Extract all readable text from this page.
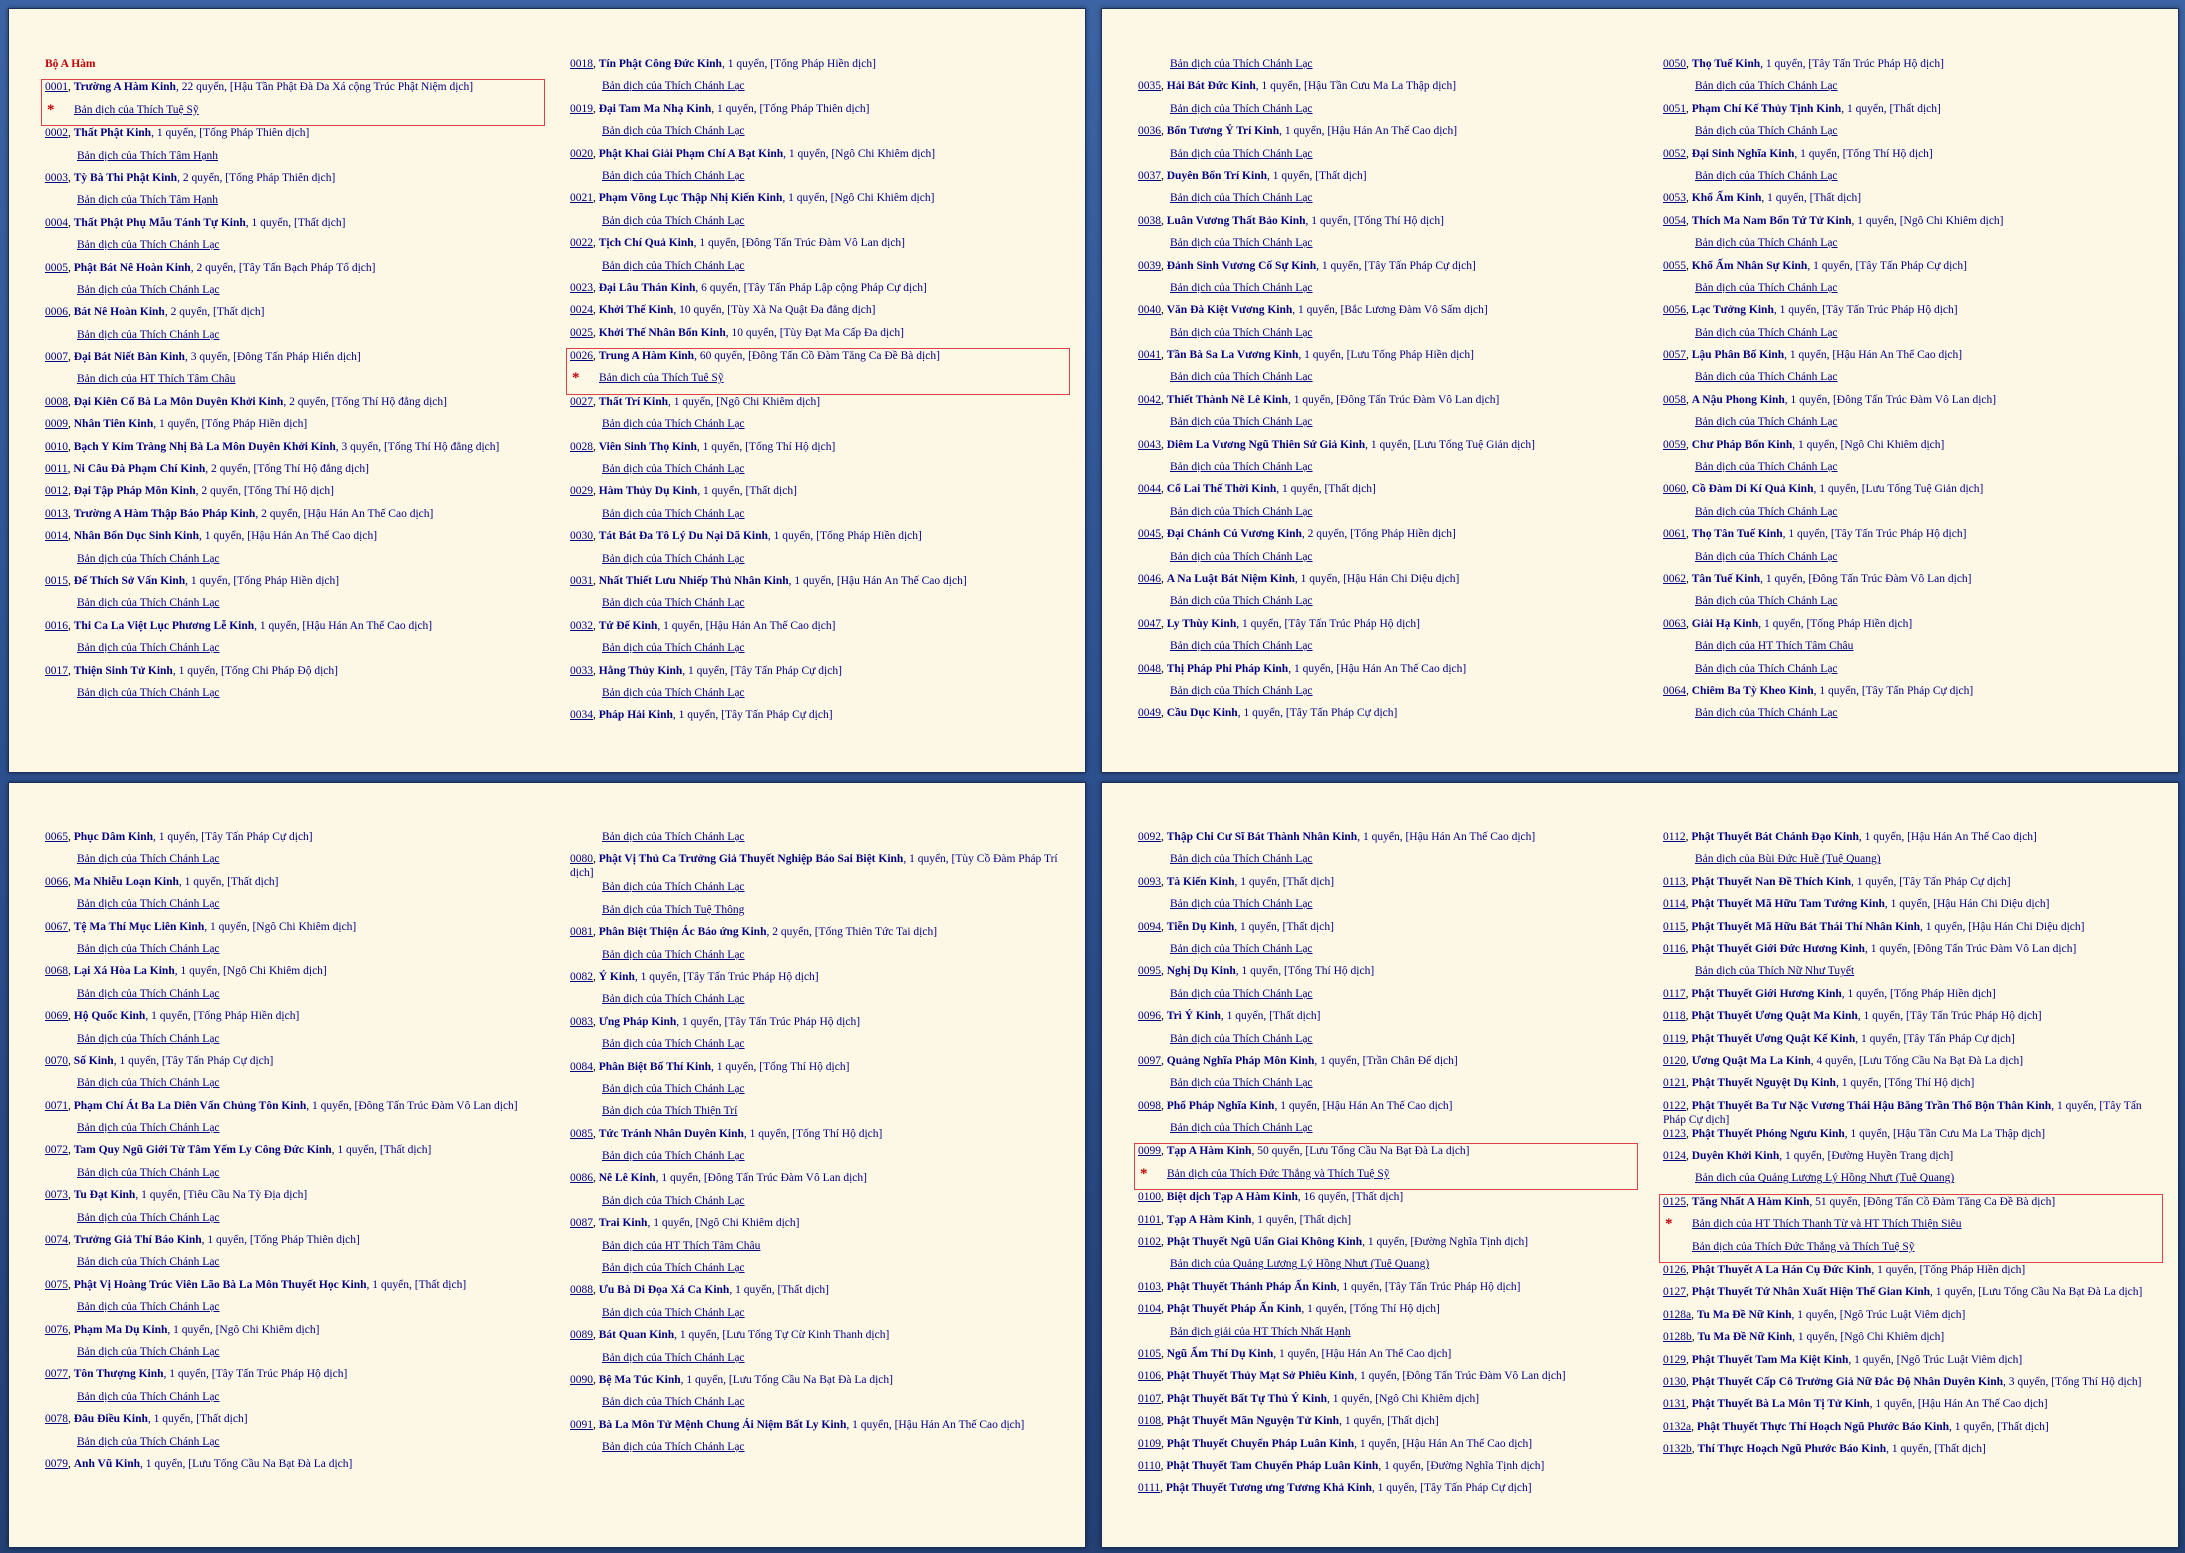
Bộ A Hàm
0001, Trường A Hàm Kinh, 22 quyển, [Hậu Tần Phật Đà Da Xá cộng Trúc Phật Niệm dịch]
* Bản dịch của Thích Tuệ Sỹ
0002, Thất Phật Kinh, 1 quyển, [Tống Pháp Thiên dịch]
Bản dịch của Thích Tâm Hạnh
0003, Tỳ Bà Thi Phật Kinh, 2 quyển, [Tống Pháp Thiên dịch]
Bản dịch của Thích Tâm Hạnh
0004, Thất Phật Phụ Mẫu Tánh Tự Kinh, 1 quyển, [Thất dịch]
Bản dịch của Thích Chánh Lạc
0005, Phật Bát Nê Hoàn Kinh, 2 quyển, [Tây Tấn Bạch Pháp Tổ dịch]
Bản dịch của Thích Chánh Lạc
0006, Bát Nê Hoàn Kinh, 2 quyển, [Thất dịch]
Bản dịch của Thích Chánh Lạc
0007, Đại Bát Niết Bàn Kinh, 3 quyển, [Đông Tấn Pháp Hiển dịch]
Bản dịch của HT Thích Tâm Châu
0008, Đại Kiên Cố Bà La Môn Duyên Khởi Kinh, 2 quyển, [Tống Thí Hộ đẳng dịch]
0009, Nhân Tiên Kinh, 1 quyển, [Tống Pháp Hiền dịch]
0010, Bạch Y Kim Tràng Nhị Bà La Môn Duyên Khởi Kinh, 3 quyển, [Tống Thí Hộ đẳng dịch]
0011, Ni Câu Đà Phạm Chí Kinh, 2 quyển, [Tống Thí Hộ đẳng dịch]
0012, Đại Tập Pháp Môn Kinh, 2 quyển, [Tống Thí Hộ dịch]
0013, Trường A Hàm Thập Báo Pháp Kinh, 2 quyển, [Hậu Hán An Thế Cao dịch]
0014, Nhân Bổn Dục Sinh Kinh, 1 quyển, [Hậu Hán An Thế Cao dịch]
Bản dịch của Thích Chánh Lạc
0015, Đế Thích Sở Vấn Kinh, 1 quyển, [Tống Pháp Hiền dịch]
Bản dịch của Thích Chánh Lạc
0016, Thi Ca La Việt Lục Phương Lễ Kinh, 1 quyển, [Hậu Hán An Thế Cao dịch]
Bản dịch của Thích Chánh Lạc
0017, Thiện Sinh Tử Kinh, 1 quyển, [Tống Chi Pháp Độ dịch]
Bản dịch của Thích Chánh Lạc
0018, Tín Phật Công Đức Kinh, 1 quyển, [Tống Pháp Hiền dịch]
Bản dịch của Thích Chánh Lạc
0019, Đại Tam Ma Nhạ Kinh, 1 quyển, [Tống Pháp Thiên dịch]
Bản dịch của Thích Chánh Lạc
0020, Phật Khai Giải Phạm Chí A Bạt Kinh, 1 quyển, [Ngô Chi Khiêm dịch]
Bản dịch của Thích Chánh Lạc
0021, Phạm Võng Lục Thập Nhị Kiến Kinh, 1 quyển, [Ngô Chi Khiêm dịch]
Bản dịch của Thích Chánh Lạc
0022, Tịch Chí Quả Kinh, 1 quyển, [Đông Tấn Trúc Đàm Vô Lan dịch]
Bản dịch của Thích Chánh Lạc
0023, Đại Lâu Thán Kinh, 6 quyển, [Tây Tấn Pháp Lập cộng Pháp Cự dịch]
0024, Khởi Thế Kinh, 10 quyển, [Tùy Xà Na Quật Đa đẳng dịch]
0025, Khởi Thế Nhân Bổn Kinh, 10 quyển, [Tùy Đạt Ma Cấp Đa dịch]
0026, Trung A Hàm Kinh, 60 quyển, [Đông Tấn Cồ Đàm Tăng Ca Đề Bà dịch]
* Bản dịch của Thích Tuệ Sỹ
0027, Thất Trí Kinh, 1 quyển, [Ngô Chi Khiêm dịch]
Bản dịch của Thích Chánh Lạc
0028, Viên Sinh Thọ Kinh, 1 quyển, [Tống Thí Hộ dịch]
Bản dịch của Thích Chánh Lạc
0029, Hàm Thủy Dụ Kinh, 1 quyển, [Thất dịch]
Bản dịch của Thích Chánh Lạc
0030, Tát Bát Đa Tô Lý Du Nại Dã Kinh, 1 quyển, [Tống Pháp Hiền dịch]
Bản dịch của Thích Chánh Lạc
0031, Nhất Thiết Lưu Nhiếp Thủ Nhân Kinh, 1 quyển, [Hậu Hán An Thế Cao dịch]
Bản dịch của Thích Chánh Lạc
0032, Tứ Đế Kinh, 1 quyển, [Hậu Hán An Thế Cao dịch]
Bản dịch của Thích Chánh Lạc
0033, Hằng Thủy Kinh, 1 quyển, [Tây Tấn Pháp Cự dịch]
Bản dịch của Thích Chánh Lạc
0034, Pháp Hải Kinh, 1 quyển, [Tây Tấn Pháp Cự dịch]
Bản dịch của Thích Chánh Lạc
0035, Hải Bát Đức Kinh, 1 quyển, [Hậu Tần Cưu Ma La Thập dịch]
Bản dịch của Thích Chánh Lạc
0036, Bổn Tương Ỷ Trí Kinh, 1 quyển, [Hậu Hán An Thế Cao dịch]
Bản dịch của Thích Chánh Lạc
0037, Duyên Bổn Trí Kinh, 1 quyển, [Thất dịch]
Bản dịch của Thích Chánh Lạc
0038, Luân Vương Thất Bảo Kinh, 1 quyển, [Tống Thí Hộ dịch]
Bản dịch của Thích Chánh Lạc
0039, Đảnh Sinh Vương Cố Sự Kinh, 1 quyển, [Tây Tấn Pháp Cự dịch]
Bản dịch của Thích Chánh Lạc
0040, Văn Đà Kiệt Vương Kinh, 1 quyển, [Bắc Lương Đàm Vô Sấm dịch]
Bản dịch của Thích Chánh Lạc
0041, Tần Bà Sa La Vương Kinh, 1 quyển, [Lưu Tống Pháp Hiền dịch]
Bản dịch của Thích Chánh Lạc
0042, Thiết Thành Nê Lê Kinh, 1 quyển, [Đông Tấn Trúc Đàm Vô Lan dịch]
Bản dịch của Thích Chánh Lạc
0043, Diêm La Vương Ngũ Thiên Sứ Giả Kinh, 1 quyển, [Lưu Tống Tuệ Giản dịch]
Bản dịch của Thích Chánh Lạc
0044, Cổ Lai Thế Thời Kinh, 1 quyển, [Thất dịch]
Bản dịch của Thích Chánh Lạc
0045, Đại Chánh Cú Vương Kinh, 2 quyển, [Tống Pháp Hiền dịch]
Bản dịch của Thích Chánh Lạc
0046, A Na Luật Bát Niệm Kinh, 1 quyển, [Hậu Hán Chi Diệu dịch]
Bản dịch của Thích Chánh Lạc
0047, Ly Thùy Kinh, 1 quyển, [Tây Tấn Trúc Pháp Hộ dịch]
Bản dịch của Thích Chánh Lạc
0048, Thị Pháp Phi Pháp Kinh, 1 quyển, [Hậu Hán An Thế Cao dịch]
Bản dịch của Thích Chánh Lạc
0049, Cầu Dục Kinh, 1 quyển, [Tây Tấn Pháp Cự dịch]
0050, Thọ Tuế Kinh, 1 quyển, [Tây Tấn Trúc Pháp Hộ dịch]
Bản dịch của Thích Chánh Lạc
0051, Phạm Chí Kế Thủy Tịnh Kinh, 1 quyển, [Thất dịch]
Bản dịch của Thích Chánh Lạc
0052, Đại Sinh Nghĩa Kinh, 1 quyển, [Tống Thí Hộ dịch]
Bản dịch của Thích Chánh Lạc
0053, Khổ Ấm Kinh, 1 quyển, [Thất dịch]
0054, Thích Ma Nam Bổn Tứ Tử Kinh, 1 quyển, [Ngô Chi Khiêm dịch]
Bản dịch của Thích Chánh Lạc
0055, Khổ Ấm Nhân Sự Kinh, 1 quyển, [Tây Tấn Pháp Cự dịch]
Bản dịch của Thích Chánh Lạc
0056, Lạc Tưởng Kinh, 1 quyển, [Tây Tấn Trúc Pháp Hộ dịch]
Bản dịch của Thích Chánh Lạc
0057, Lậu Phân Bố Kinh, 1 quyển, [Hậu Hán An Thế Cao dịch]
Bản dịch của Thích Chánh Lạc
0058, A Nậu Phong Kinh, 1 quyển, [Đông Tấn Trúc Đàm Vô Lan dịch]
Bản dịch của Thích Chánh Lạc
0059, Chư Pháp Bổn Kinh, 1 quyển, [Ngô Chi Khiêm dịch]
Bản dịch của Thích Chánh Lạc
0060, Cồ Đàm Di Kí Quả Kinh, 1 quyển, [Lưu Tống Tuệ Giản dịch]
Bản dịch của Thích Chánh Lạc
0061, Thọ Tân Tuế Kinh, 1 quyển, [Tây Tấn Trúc Pháp Hộ dịch]
Bản dịch của Thích Chánh Lạc
0062, Tân Tuế Kinh, 1 quyển, [Đông Tấn Trúc Đàm Vô Lan dịch]
Bản dịch của Thích Chánh Lạc
0063, Giải Hạ Kinh, 1 quyển, [Tống Pháp Hiền dịch]
Bản dịch của HT Thích Tâm Châu
Bản dịch của Thích Chánh Lạc
0064, Chiêm Ba Tỳ Kheo Kinh, 1 quyển, [Tây Tấn Pháp Cự dịch]
Bản dịch của Thích Chánh Lạc
0065, Phục Dâm Kinh, 1 quyển, [Tây Tấn Pháp Cự dịch]
Bản dịch của Thích Chánh Lạc
0066, Ma Nhiễu Loạn Kinh, 1 quyển, [Thất dịch]
Bản dịch của Thích Chánh Lạc
0067, Tệ Ma Thí Mục Liên Kinh, 1 quyển, [Ngô Chi Khiêm dịch]
Bản dịch của Thích Chánh Lạc
0068, Lại Xá Hòa La Kinh, 1 quyển, [Ngô Chi Khiêm dịch]
Bản dịch của Thích Chánh Lạc
0069, Hộ Quốc Kinh, 1 quyển, [Tống Pháp Hiền dịch]
Bản dịch của Thích Chánh Lạc
0070, Số Kinh, 1 quyển, [Tây Tấn Pháp Cự dịch]
Bản dịch của Thích Chánh Lạc
0071, Phạm Chí Át Ba La Diên Vấn Chủng Tôn Kinh, 1 quyển, [Đông Tấn Trúc Đàm Vô Lan dịch]
Bản dịch của Thích Chánh Lạc
0072, Tam Quy Ngũ Giới Từ Tâm Yếm Ly Công Đức Kinh, 1 quyển, [Thất dịch]
Bản dịch của Thích Chánh Lạc
0073, Tu Đạt Kinh, 1 quyển, [Tiêu Cầu Na Tỳ Địa dịch]
Bản dịch của Thích Chánh Lạc
0074, Trưởng Giả Thí Báo Kinh, 1 quyển, [Tống Pháp Thiên dịch]
Bản dịch của Thích Chánh Lạc
0075, Phật Vị Hoàng Trúc Viên Lão Bà La Môn Thuyết Học Kinh, 1 quyển, [Thất dịch]
Bản dịch của Thích Chánh Lạc
0076, Phạm Ma Dụ Kinh, 1 quyển, [Ngô Chi Khiêm dịch]
Bản dịch của Thích Chánh Lạc
0077, Tôn Thượng Kinh, 1 quyển, [Tây Tấn Trúc Pháp Hộ dịch]
Bản dịch của Thích Chánh Lạc
0078, Đâu Điều Kinh, 1 quyển, [Thất dịch]
Bản dịch của Thích Chánh Lạc
0079, Anh Vũ Kinh, 1 quyển, [Lưu Tống Cầu Na Bạt Đà La dịch]
Bản dịch của Thích Chánh Lạc
0080, Phật Vị Thủ Ca Trưởng Giả Thuyết Nghiệp Báo Sai Biệt Kinh, 1 quyển, [Tùy Cồ Đàm Pháp Trí dịch]
Bản dịch của Thích Chánh Lạc
Bản dịch của Thích Tuệ Thông
0081, Phân Biệt Thiện Ác Báo ứng Kinh, 2 quyển, [Tống Thiên Tức Tai dịch]
Bản dịch của Thích Chánh Lạc
0082, Ý Kinh, 1 quyển, [Tây Tấn Trúc Pháp Hộ dịch]
Bản dịch của Thích Chánh Lạc
0083, Ưng Pháp Kinh, 1 quyển, [Tây Tấn Trúc Pháp Hộ dịch]
Bản dịch của Thích Chánh Lạc
0084, Phân Biệt Bố Thí Kinh, 1 quyển, [Tống Thí Hộ dịch]
Bản dịch của Thích Chánh Lạc
Bản dịch của Thích Thiện Trí
0085, Tức Tránh Nhân Duyên Kinh, 1 quyển, [Tống Thí Hộ dịch]
Bản dịch của Thích Chánh Lạc
0086, Nê Lê Kinh, 1 quyển, [Đông Tấn Trúc Đàm Vô Lan dịch]
Bản dịch của Thích Chánh Lạc
0087, Trai Kinh, 1 quyển, [Ngô Chi Khiêm dịch]
Bản dịch của HT Thích Tâm Châu
Bản dịch của Thích Chánh Lạc
0088, Ưu Bà Di Đọa Xá Ca Kinh, 1 quyển, [Thất dịch]
Bản dịch của Thích Chánh Lạc
0089, Bát Quan Kinh, 1 quyển, [Lưu Tống Tự Cừ Kinh Thanh dịch]
Bản dịch của Thích Chánh Lạc
0090, Bệ Ma Túc Kinh, 1 quyển, [Lưu Tống Cầu Na Bạt Đà La dịch]
Bản dịch của Thích Chánh Lạc
0091, Bà La Môn Tử Mệnh Chung Ái Niệm Bất Ly Kinh, 1 quyển, [Hậu Hán An Thế Cao dịch]
Bản dịch của Thích Chánh Lạc
0092, Thập Chi Cư Sĩ Bát Thành Nhân Kinh, 1 quyển, [Hậu Hán An Thế Cao dịch]
Bản dịch của Thích Chánh Lạc
0093, Tà Kiến Kinh, 1 quyển, [Thất dịch]
Bản dịch của Thích Chánh Lạc
0094, Tiễn Dụ Kinh, 1 quyển, [Thất dịch]
Bản dịch của Thích Chánh Lạc
0095, Nghị Dụ Kinh, 1 quyển, [Tống Thí Hộ dịch]
Bản dịch của Thích Chánh Lạc
0096, Trì Ý Kinh, 1 quyển, [Thất dịch]
Bản dịch của Thích Chánh Lạc
0097, Quảng Nghĩa Pháp Môn Kinh, 1 quyển, [Trần Chân Đế dịch]
Bản dịch của Thích Chánh Lạc
0098, Phổ Pháp Nghĩa Kinh, 1 quyển, [Hậu Hán An Thế Cao dịch]
Bản dịch của Thích Chánh Lạc
0099, Tạp A Hàm Kinh, 50 quyển, [Lưu Tống Cầu Na Bạt Đà La dịch]
* Bản dịch của Thích Đức Thắng và Thích Tuệ Sỹ
0100, Biệt dịch Tạp A Hàm Kinh, 16 quyển, [Thất dịch]
0101, Tạp A Hàm Kinh, 1 quyển, [Thất dịch]
0102, Phật Thuyết Ngũ Uẩn Giai Không Kinh, 1 quyển, [Đường Nghĩa Tịnh dịch]
Bản dịch của Quảng Lượng Lý Hồng Nhựt (Tuệ Quang)
0103, Phật Thuyết Thánh Pháp Ấn Kinh, 1 quyển, [Tây Tấn Trúc Pháp Hộ dịch]
0104, Phật Thuyết Pháp Ấn Kinh, 1 quyển, [Tống Thí Hộ dịch]
Bản dịch giải của HT Thích Nhất Hạnh
0105, Ngũ Ấm Thí Dụ Kinh, 1 quyển, [Hậu Hán An Thế Cao dịch]
0106, Phật Thuyết Thủy Mạt Sở Phiêu Kinh, 1 quyển, [Đông Tấn Trúc Đàm Vô Lan dịch]
0107, Phật Thuyết Bất Tự Thủ Ý Kinh, 1 quyển, [Ngô Chi Khiêm dịch]
0108, Phật Thuyết Mãn Nguyện Tử Kinh, 1 quyển, [Thất dịch]
0109, Phật Thuyết Chuyển Pháp Luân Kinh, 1 quyển, [Hậu Hán An Thế Cao dịch]
0110, Phật Thuyết Tam Chuyển Pháp Luân Kinh, 1 quyển, [Đường Nghĩa Tịnh dịch]
0111, Phật Thuyết Tương ưng Tương Khả Kinh, 1 quyển, [Tây Tấn Pháp Cự dịch]
0112, Phật Thuyết Bát Chánh Đạo Kinh, 1 quyển, [Hậu Hán An Thế Cao dịch]
Bản dịch của Bùi Đức Huề (Tuệ Quang)
0113, Phật Thuyết Nan Đề Thích Kinh, 1 quyển, [Tây Tấn Pháp Cự dịch]
0114, Phật Thuyết Mã Hữu Tam Tướng Kinh, 1 quyển, [Hậu Hán Chi Diệu dịch]
0115, Phật Thuyết Mã Hữu Bát Thái Thí Nhân Kinh, 1 quyển, [Hậu Hán Chi Diệu dịch]
0116, Phật Thuyết Giới Đức Hương Kinh, 1 quyển, [Đông Tấn Trúc Đàm Vô Lan dịch]
Bản dịch của Thích Nữ Như Tuyết
0117, Phật Thuyết Giới Hương Kinh, 1 quyển, [Tống Pháp Hiền dịch]
0118, Phật Thuyết Ương Quật Ma Kinh, 1 quyển, [Tây Tấn Trúc Pháp Hộ dịch]
0119, Phật Thuyết Ương Quật Kế Kinh, 1 quyển, [Tây Tấn Pháp Cự dịch]
0120, Ương Quật Ma La Kinh, 4 quyển, [Lưu Tống Cầu Na Bạt Đà La dịch]
0121, Phật Thuyết Nguyệt Dụ Kinh, 1 quyển, [Tống Thí Hộ dịch]
0122, Phật Thuyết Ba Tư Nặc Vương Thái Hậu Băng Trần Thổ Bộn Thân Kinh, 1 quyển, [Tây Tấn Pháp Cự dịch]
0123, Phật Thuyết Phóng Ngưu Kinh, 1 quyển, [Hậu Tần Cưu Ma La Thập dịch]
0124, Duyên Khởi Kinh, 1 quyển, [Đường Huyền Trang dịch]
Bản dịch của Quảng Lượng Lý Hồng Nhựt (Tuệ Quang)
0125, Tăng Nhất A Hàm Kinh, 51 quyển, [Đông Tấn Cồ Đàm Tăng Ca Đề Bà dịch]
* Bản dịch của HT Thích Thanh Từ và HT Thích Thiện Siêu
Bản dịch của Thích Đức Thắng và Thích Tuệ Sỹ
0126, Phật Thuyết A La Hán Cụ Đức Kinh, 1 quyển, [Tống Pháp Hiền dịch]
0127, Phật Thuyết Tứ Nhân Xuất Hiện Thế Gian Kinh, 1 quyển, [Lưu Tống Cầu Na Bạt Đà La dịch]
0128a, Tu Ma Đề Nữ Kinh, 1 quyển, [Ngô Trúc Luật Viêm dịch]
0128b, Tu Ma Đề Nữ Kinh, 1 quyển, [Ngô Chi Khiêm dịch]
0129, Phật Thuyết Tam Ma Kiệt Kinh, 1 quyển, [Ngô Trúc Luật Viêm dịch]
0130, Phật Thuyết Cấp Cô Trưởng Giả Nữ Đắc Độ Nhân Duyên Kinh, 3 quyển, [Tống Thí Hộ dịch]
0131, Phật Thuyết Bà La Môn Tị Tử Kinh, 1 quyển, [Hậu Hán An Thế Cao dịch]
0132a, Phật Thuyết Thực Thí Hoạch Ngũ Phước Báo Kinh, 1 quyển, [Thất dịch]
0132b, Thí Thực Hoạch Ngũ Phước Báo Kinh, 1 quyển, [Thất dịch]
